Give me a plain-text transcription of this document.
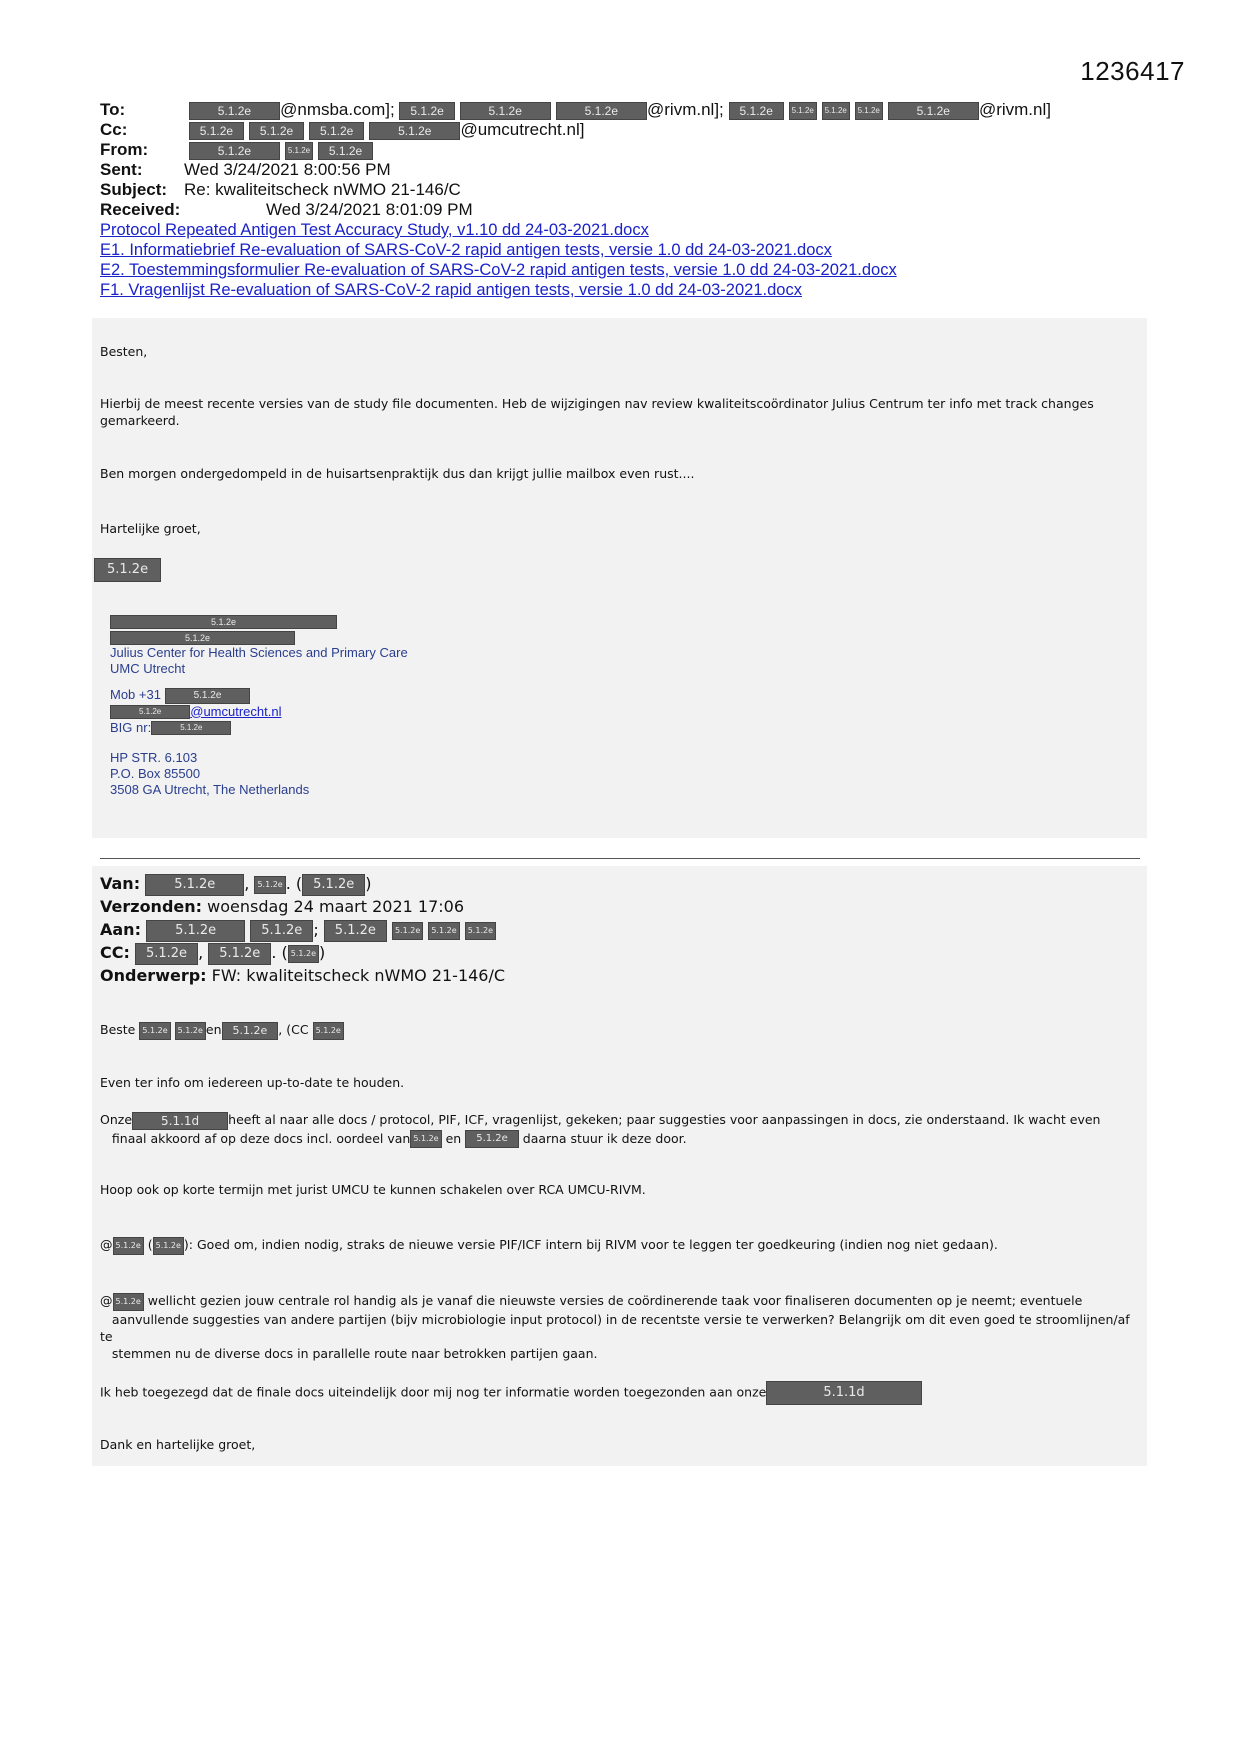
1236417
To:	5.1.2e @nmsba.com]; 5.1.2e	5.1.2e	5.1.2e @rivm.nl]; 5.1.2e 5.1.2e 5.1.2e 5.1.2e	5.1.2e @rivm.nl]
Cc:	5.1.2e 5.1.2e 5.1.2e	5.1.2e @umcutrecht.nl]
From:	5.1.2e	5.1.2e 5.1.2e
Sent: Wed 3/24/2021 8:00:56 PM
Subject: Re: kwaliteitscheck nWMO 21-146/C
Received:	Wed 3/24/2021 8:01:09 PM
Protocol Repeated Antigen Test Accuracy Study, v1.10 dd 24-03-2021.docx
E1. Informatiebrief Re-evaluation of SARS-CoV-2 rapid antigen tests, versie 1.0 dd 24-03-2021.docx
E2. Toestemmingsformulier Re-evaluation of SARS-CoV-2 rapid antigen tests, versie 1.0 dd 24-03-2021.docx
F1. Vragenlijst Re-evaluation of SARS-CoV-2 rapid antigen tests, versie 1.0 dd 24-03-2021.docx
Besten,
Hierbij de meest recente versies van de study file documenten. Heb de wijzigingen nav review kwaliteitscoördinator Julius Centrum ter info met track changes gemarkeerd.
Ben morgen ondergedompeld in de huisartsenpraktijk dus dan krijgt jullie mailbox even rust....
Hartelijke groet,
5.1.2e
5.1.2e
5.1.2e
Julius Center for Health Sciences and Primary Care
UMC Utrecht
Mob +31	5.1.2e
5.1.2e @umcutrecht.nl
BIG nr:	5.1.2e
HP STR. 6.103
P.O. Box 85500
3508 GA Utrecht, The Netherlands
Van:	5.1.2e , 5.1.2e . ( 5.1.2e )
Verzonden: woensdag 24 maart 2021 17:06
Aan:	5.1.2e	5.1.2e ; 5.1.2e 5.1.2e 5.1.2e 5.1.2e
CC: 5.1.2e , 5.1.2e . ( 5.1.2e )
Onderwerp: FW: kwaliteitscheck nWMO 21-146/C
Beste 5.1.2e 5.1.2e en 5.1.2e , (CC 5.1.2e
Even ter info om iedereen up-to-date te houden.
Onze 5.1.1d heeft al naar alle docs / protocol, PIF, ICF, vragenlijst, gekeken; paar suggesties voor aanpassingen in docs, zie onderstaand. Ik wacht even
finaal akkoord af op deze docs incl. oordeel van 5.1.2e en 5.1.2e daarna stuur ik deze door.
Hoop ook op korte termijn met jurist UMCU te kunnen schakelen over RCA UMCU-RIVM.
@ 5.1.2e ( 5.1.2e ): Goed om, indien nodig, straks de nieuwe versie PIF/ICF intern bij RIVM voor te leggen ter goedkeuring (indien nog niet gedaan).
@ 5.1.2e wellicht gezien jouw centrale rol handig als je vanaf die nieuwste versies de coördinerende taak voor finaliseren documenten op je neemt; eventuele
aanvullende suggesties van andere partijen (bijv microbiologie input protocol) in de recentste versie te verwerken? Belangrijk om dit even goed te stroomlijnen/af te
stemmen nu de diverse docs in parallelle route naar betrokken partijen gaan.
Ik heb toegezegd dat de finale docs uiteindelijk door mij nog ter informatie worden toegezonden aan onze	5.1.1d
Dank en hartelijke groet,
